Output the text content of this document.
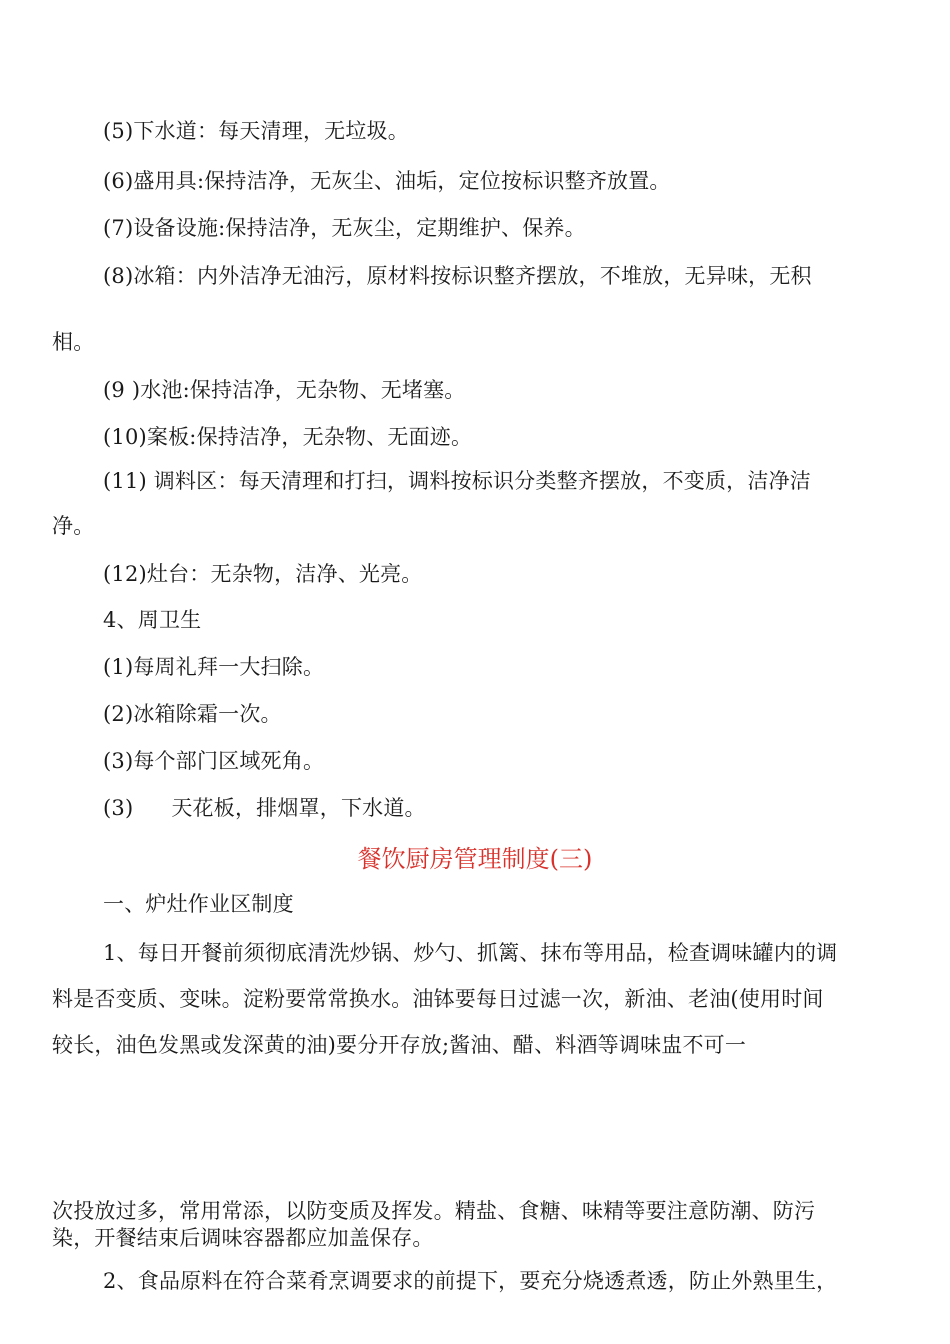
(5)下水道：每天清理，无垃圾。
(6)盛用具:保持洁净，无灰尘、油垢，定位按标识整齐放置。
(7)设备设施:保持洁净，无灰尘，定期维护、保养。
(8)冰箱：内外洁净无油污，原材料按标识整齐摆放，不堆放，无异味，无积
相。
(9 )水池:保持洁净，无杂物、无堵塞。
(10)案板:保持洁净，无杂物、无面迹。
(11) 调料区：每天清理和打扫，调料按标识分类整齐摆放，不变质，洁净洁
净。
(12)灶台：无杂物，洁净、光亮。
4、周卫生
(1)每周礼拜一大扫除。
(2)冰箱除霜一次。
(3)每个部门区域死角。
(3) 天花板，排烟罩，下水道。
餐饮厨房管理制度(三)
一、炉灶作业区制度
1、每日开餐前须彻底清洗炒锅、炒勺、抓篱、抹布等用品，检查调味罐内的调
料是否变质、变味。淀粉要常常换水。油钵要每日过滤一次，新油、老油(使用时间
较长，油色发黑或发深黄的油)要分开存放;酱油、醋、料酒等调味盅不可一
次投放过多，常用常添，以防变质及挥发。精盐、食糖、味精等要注意防潮、防污
染，开餐结束后调味容器都应加盖保存。
2、食品原料在符合菜肴烹调要求的前提下，要充分烧透煮透，防止外熟里生，
